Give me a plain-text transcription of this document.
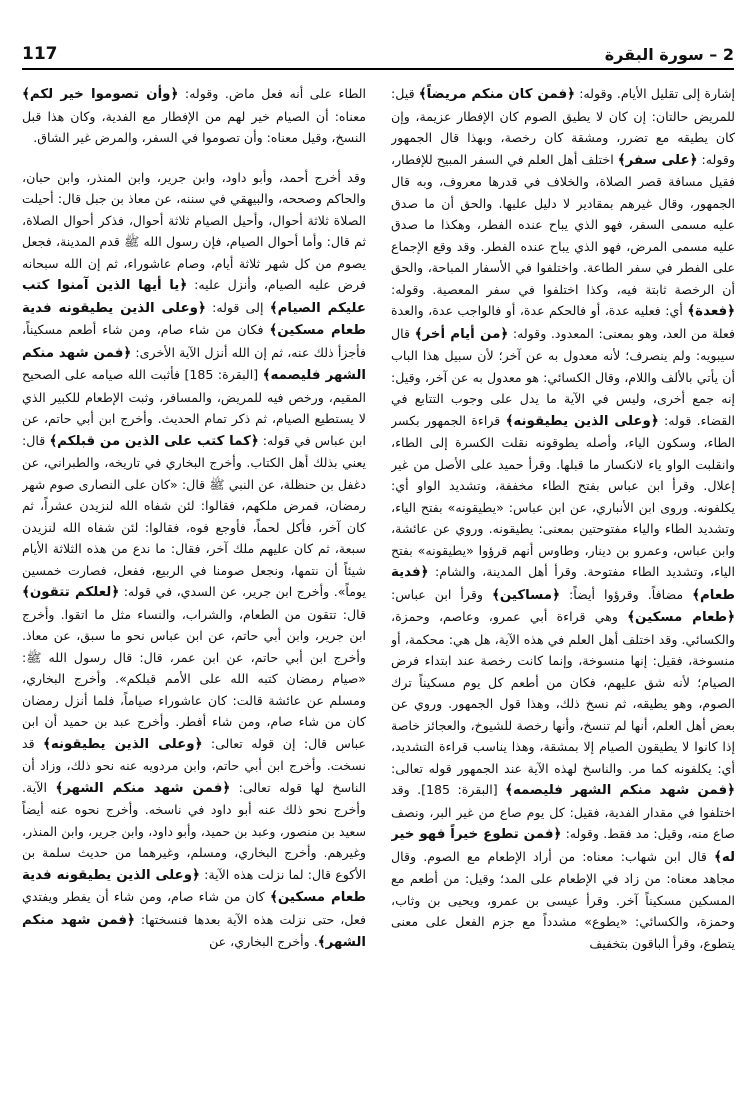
117	2 – سورة البقرة

إشارة إلى تقليل الأيام. وقوله: ﴿فمن كان منكم مريضاً﴾ قيل: للمريض حالتان: إن كان لا يطيق الصوم كان الإفطار عزيمة، وإن كان يطيقه مع تضرر، ومشقة كان رخصة، وبهذا قال الجمهور وقوله: ﴿على سفر﴾ اختلف أهل العلم في السفر المبيح للإفطار، فقيل مسافة قصر الصلاة، والخلاف في قدرها معروف، وبه قال الجمهور، وقال غيرهم بمقادير لا دليل عليها. والحق أن ما صدق عليه مسمى السفر، فهو الذي يباح عنده الفطر، وهكذا ما صدق عليه مسمى المرض، فهو الذي يباح عنده الفطر. وقد وقع الإجماع على الفطر في سفر الطاعة. واختلفوا في الأسفار المباحة، والحق أن الرخصة ثابتة فيه، وكذا اختلفوا في سفر المعصية. وقوله: ﴿فعدة﴾ أي: فعليه عدة، أو فالحكم عدة، أو فالواجب عدة، والعدة فعلة من العد، وهو بمعنى: المعدود. وقوله: ﴿من أيام أخر﴾ قال سيبويه: ولم ينصرف؛ لأنه معدول به عن آخر؛ لأن سبيل هذا الباب أن يأتي بالألف واللام، وقال الكسائي: هو معدول به عن آخر، وقيل: إنه جمع أخرى، وليس في الآية ما يدل على وجوب التتابع في القضاء. قوله: ﴿وعلى الذين يطيقونه﴾ قراءة الجمهور بكسر الطاء، وسكون الياء، وأصله يطوقونه نقلت الكسرة إلى الطاء، وانقلبت الواو ياء لانكسار ما قبلها. وقرأ حميد على الأصل من غير إعلال. وقرأ ابن عباس بفتح الطاء مخففة، وتشديد الواو أي: يكلفونه. وروى ابن الأنباري، عن ابن عباس: «يطيقونه» بفتح الياء، وتشديد الطاء والياء مفتوحتين بمعنى: يطيقونه. وروي عن عائشة، وابن عباس، وعمرو بن دينار، وطاوس أنهم قرؤوا «يطيقونه» بفتح الياء، وتشديد الطاء مفتوحة. وقرأ أهل المدينة، والشام: ﴿فدية طعام﴾ مضافاً. وقرؤوا أيضاً: ﴿مساكين﴾ وقرأ ابن عباس: ﴿طعام مسكين﴾ وهي قراءة أبي عمرو، وعاصم، وحمزة، والكسائي. وقد اختلف أهل العلم في هذه الآية، هل هي: محكمة، أو منسوخة، فقيل: إنها منسوخة، وإنما كانت رخصة عند ابتداء فرض الصيام؛ لأنه شق عليهم، فكان من أطعم كل يوم مسكيناً ترك الصوم، وهو يطيقه، ثم نسخ ذلك، وهذا قول الجمهور. وروي عن بعض أهل العلم، أنها لم تنسخ، وأنها رخصة للشيوخ، والعجائز خاصة إذا كانوا لا يطيقون الصيام إلا بمشقة، وهذا يناسب قراءة التشديد، أي: يكلفونه كما مر. والناسخ لهذه الآية عند الجمهور قوله تعالى: ﴿فمن شهد منكم الشهر فليصمه﴾ [البقرة: 185]. وقد اختلفوا في مقدار الفدية، فقيل: كل يوم صاع من غير البر، ونصف صاع منه، وقيل: مد فقط. وقوله: ﴿فمن تطوع خيراً فهو خير له﴾ قال ابن شهاب: معناه: من أراد الإطعام مع الصوم. وقال مجاهد معناه: من زاد في الإطعام على المد؛ وقيل: من أطعم مع المسكين مسكيناً آخر. وقرأ عيسى بن عمرو، ويحيى بن وثاب، وحمزة، والكسائي: «يطوع» مشدداً مع جزم الفعل على معنى يتطوع، وقرأ الباقون بتخفيف

الطاء على أنه فعل ماض. وقوله: ﴿وأن تصوموا خير لكم﴾ معناه: أن الصيام خير لهم من الإفطار مع الفدية، وكان هذا قبل النسخ، وقيل معناه: وأن تصوموا في السفر، والمرض غير الشاق.

وقد أخرج أحمد، وأبو داود، وابن جرير، وابن المنذر، وابن حبان، والحاكم وصححه، والبيهقي في سننه، عن معاذ بن جبل قال: أحيلت الصلاة ثلاثة أحوال، وأحيل الصيام ثلاثة أحوال، فذكر أحوال الصلاة، ثم قال: وأما أحوال الصيام، فإن رسول الله ﷺ قدم المدينة، فجعل يصوم من كل شهر ثلاثة أيام، وصام عاشوراء، ثم إن الله سبحانه فرض عليه الصيام، وأنزل عليه: ﴿يا أيها الذين آمنوا كتب عليكم الصيام﴾ إلى قوله: ﴿وعلى الذين يطيقونه فدية طعام مسكين﴾ فكان من شاء صام، ومن شاء أطعم مسكيناً، فأجزأ ذلك عنه، ثم إن الله أنزل الآية الأخرى: ﴿فمن شهد منكم الشهر فليصمه﴾ [البقرة: 185] فأثبت الله صيامه على الصحيح المقيم، ورخص فيه للمريض، والمسافر، وثبت الإطعام للكبير الذي لا يستطيع الصيام، ثم ذكر تمام الحديث. وأخرج ابن أبي حاتم، عن ابن عباس في قوله: ﴿كما كتب على الذين من قبلكم﴾ قال: يعني بذلك أهل الكتاب. وأخرج البخاري في تاريخه، والطبراني، عن دغفل بن حنظلة، عن النبي ﷺ قال: «كان على النصارى صوم شهر رمضان، فمرض ملكهم، فقالوا: لئن شفاه الله لنزيدن عشراً، ثم كان آخر، فأكل لحماً، فأوجع فوه، فقالوا: لئن شفاه الله لنزيدن سبعة، ثم كان عليهم ملك آخر، فقال: ما ندع من هذه الثلاثة الأيام شيئاً أن نتمها، ونجعل صومنا في الربيع، ففعل، فصارت خمسين يوماً». وأخرج ابن جرير، عن السدي، في قوله: ﴿لعلكم تتقون﴾ قال: تتقون من الطعام، والشراب، والنساء مثل ما اتقوا. وأخرج ابن جرير، وابن أبي حاتم، عن ابن عباس نحو ما سبق، عن معاذ. وأخرج ابن أبي حاتم، عن ابن عمر، قال: قال رسول الله ﷺ: «صيام رمضان كتبه الله على الأمم قبلكم». وأخرج البخاري، ومسلم عن عائشة قالت: كان عاشوراء صياماً، فلما أنزل رمضان كان من شاء صام، ومن شاء أفطر. وأخرج عبد بن حميد أن ابن عباس قال: إن قوله تعالى: ﴿وعلى الذين يطيقونه﴾ قد نسخت. وأخرج ابن أبي حاتم، وابن مردويه عنه نحو ذلك، وزاد أن الناسخ لها قوله تعالى: ﴿فمن شهد منكم الشهر﴾ الآية. وأخرج نحو ذلك عنه أبو داود في ناسخه. وأخرج نحوه عنه أيضاً سعيد بن منصور، وعبد بن حميد، وأبو داود، وابن جرير، وابن المنذر، وغيرهم. وأخرج البخاري، ومسلم، وغيرهما من حديث سلمة بن الأكوع قال: لما نزلت هذه الآية: ﴿وعلى الذين يطيقونه فدية طعام مسكين﴾ كان من شاء صام، ومن شاء أن يفطر ويفتدي فعل، حتى نزلت هذه الآية بعدها فنسختها: ﴿فمن شهد منكم الشهر﴾. وأخرج البخاري، عن
